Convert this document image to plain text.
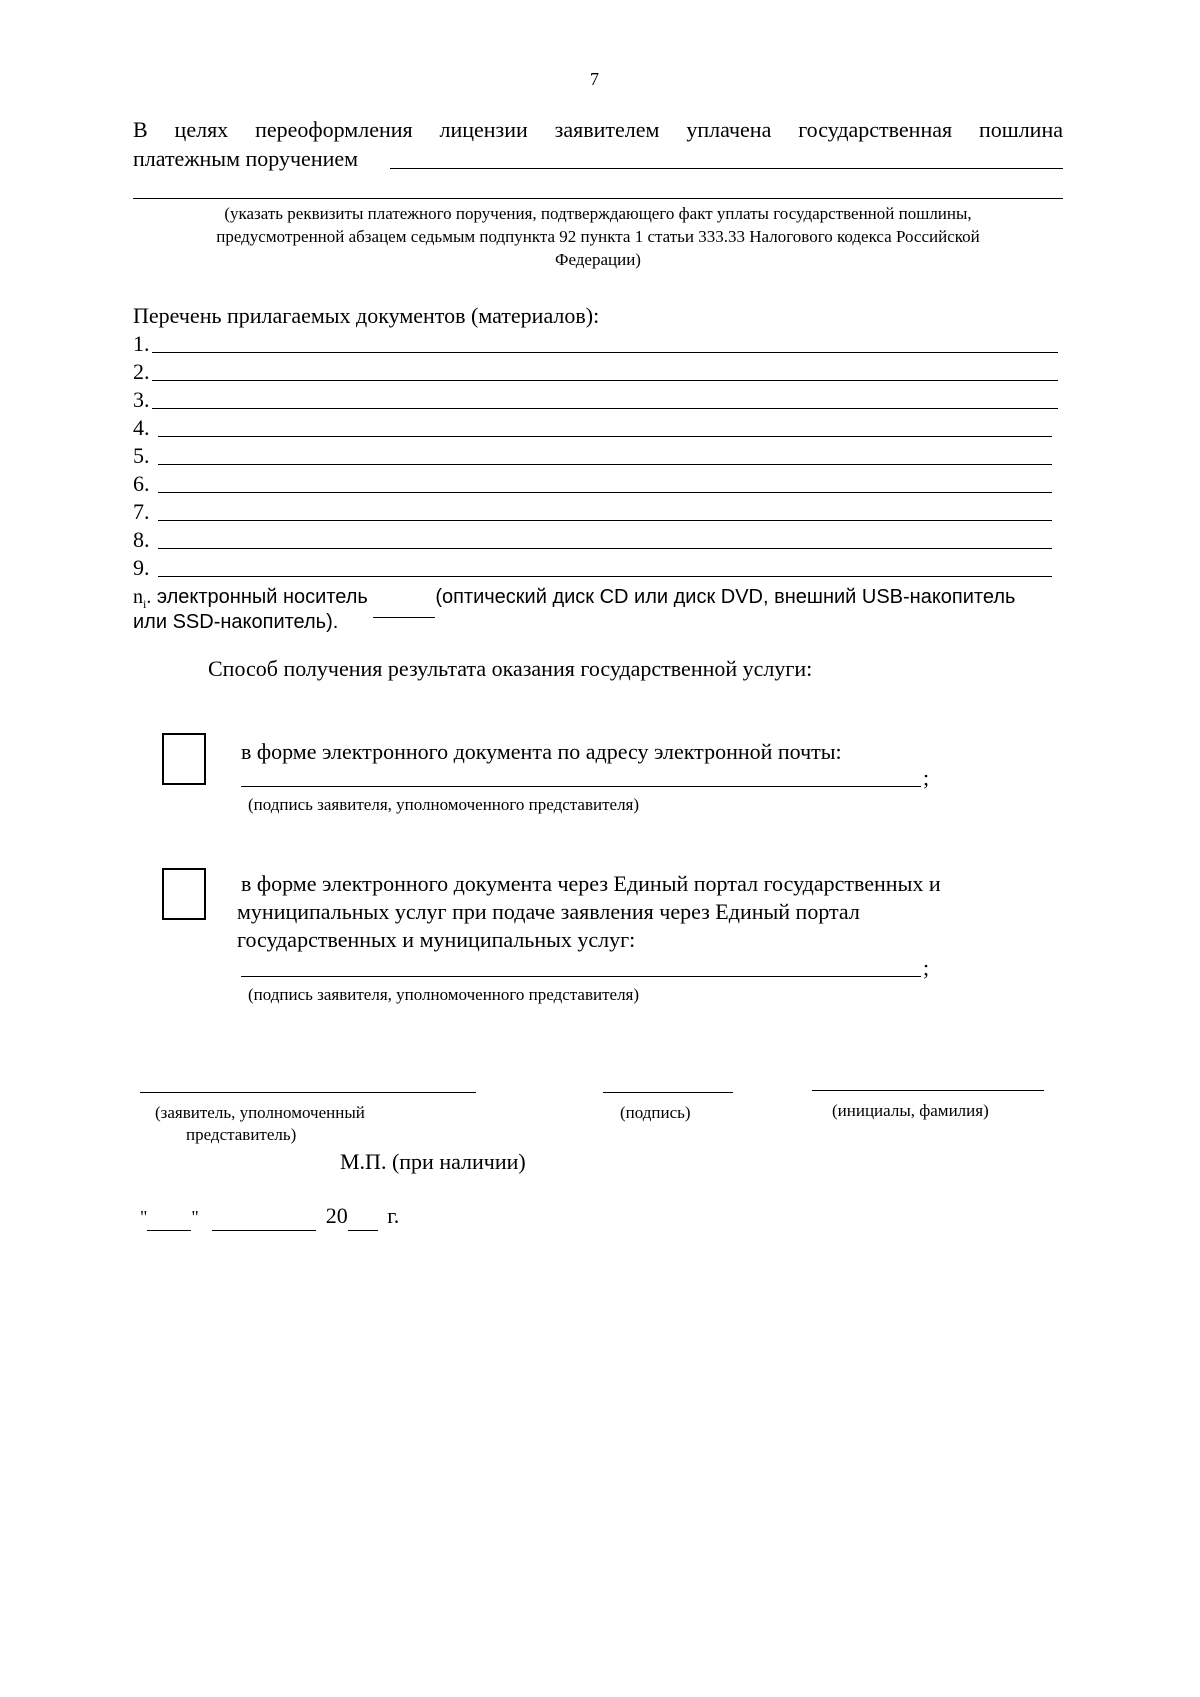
7
В целях переоформления лицензии заявителем уплачена государственная пошлина
платежным поручением
(указать реквизиты платежного поручения, подтверждающего факт уплаты государственной пошлины,
предусмотренной абзацем седьмым подпункта 92 пункта 1 статьи 333.33 Налогового кодекса Российской
Федерации)
Перечень прилагаемых документов (материалов):
1.
2.
3.
4.
5.
6.
7.
8.
9.
$n_i$. электронный носитель	(оптический диск CD или диск DVD, внешний USB-накопитель
или SSD-накопитель).
Способ получения результата оказания государственной услуги:
в форме электронного документа по адресу электронной почты:
;
(подпись заявителя, уполномоченного представителя)
в форме электронного документа через Единый портал государственных и
муниципальных услуг при подаче заявления через Единый портал
государственных и муниципальных услуг:
;
(подпись заявителя, уполномоченного представителя)
(заявитель, уполномоченный
представитель)
(подпись)	(инициалы, фамилия)
М.П. (при наличии)
" "	20 г.
